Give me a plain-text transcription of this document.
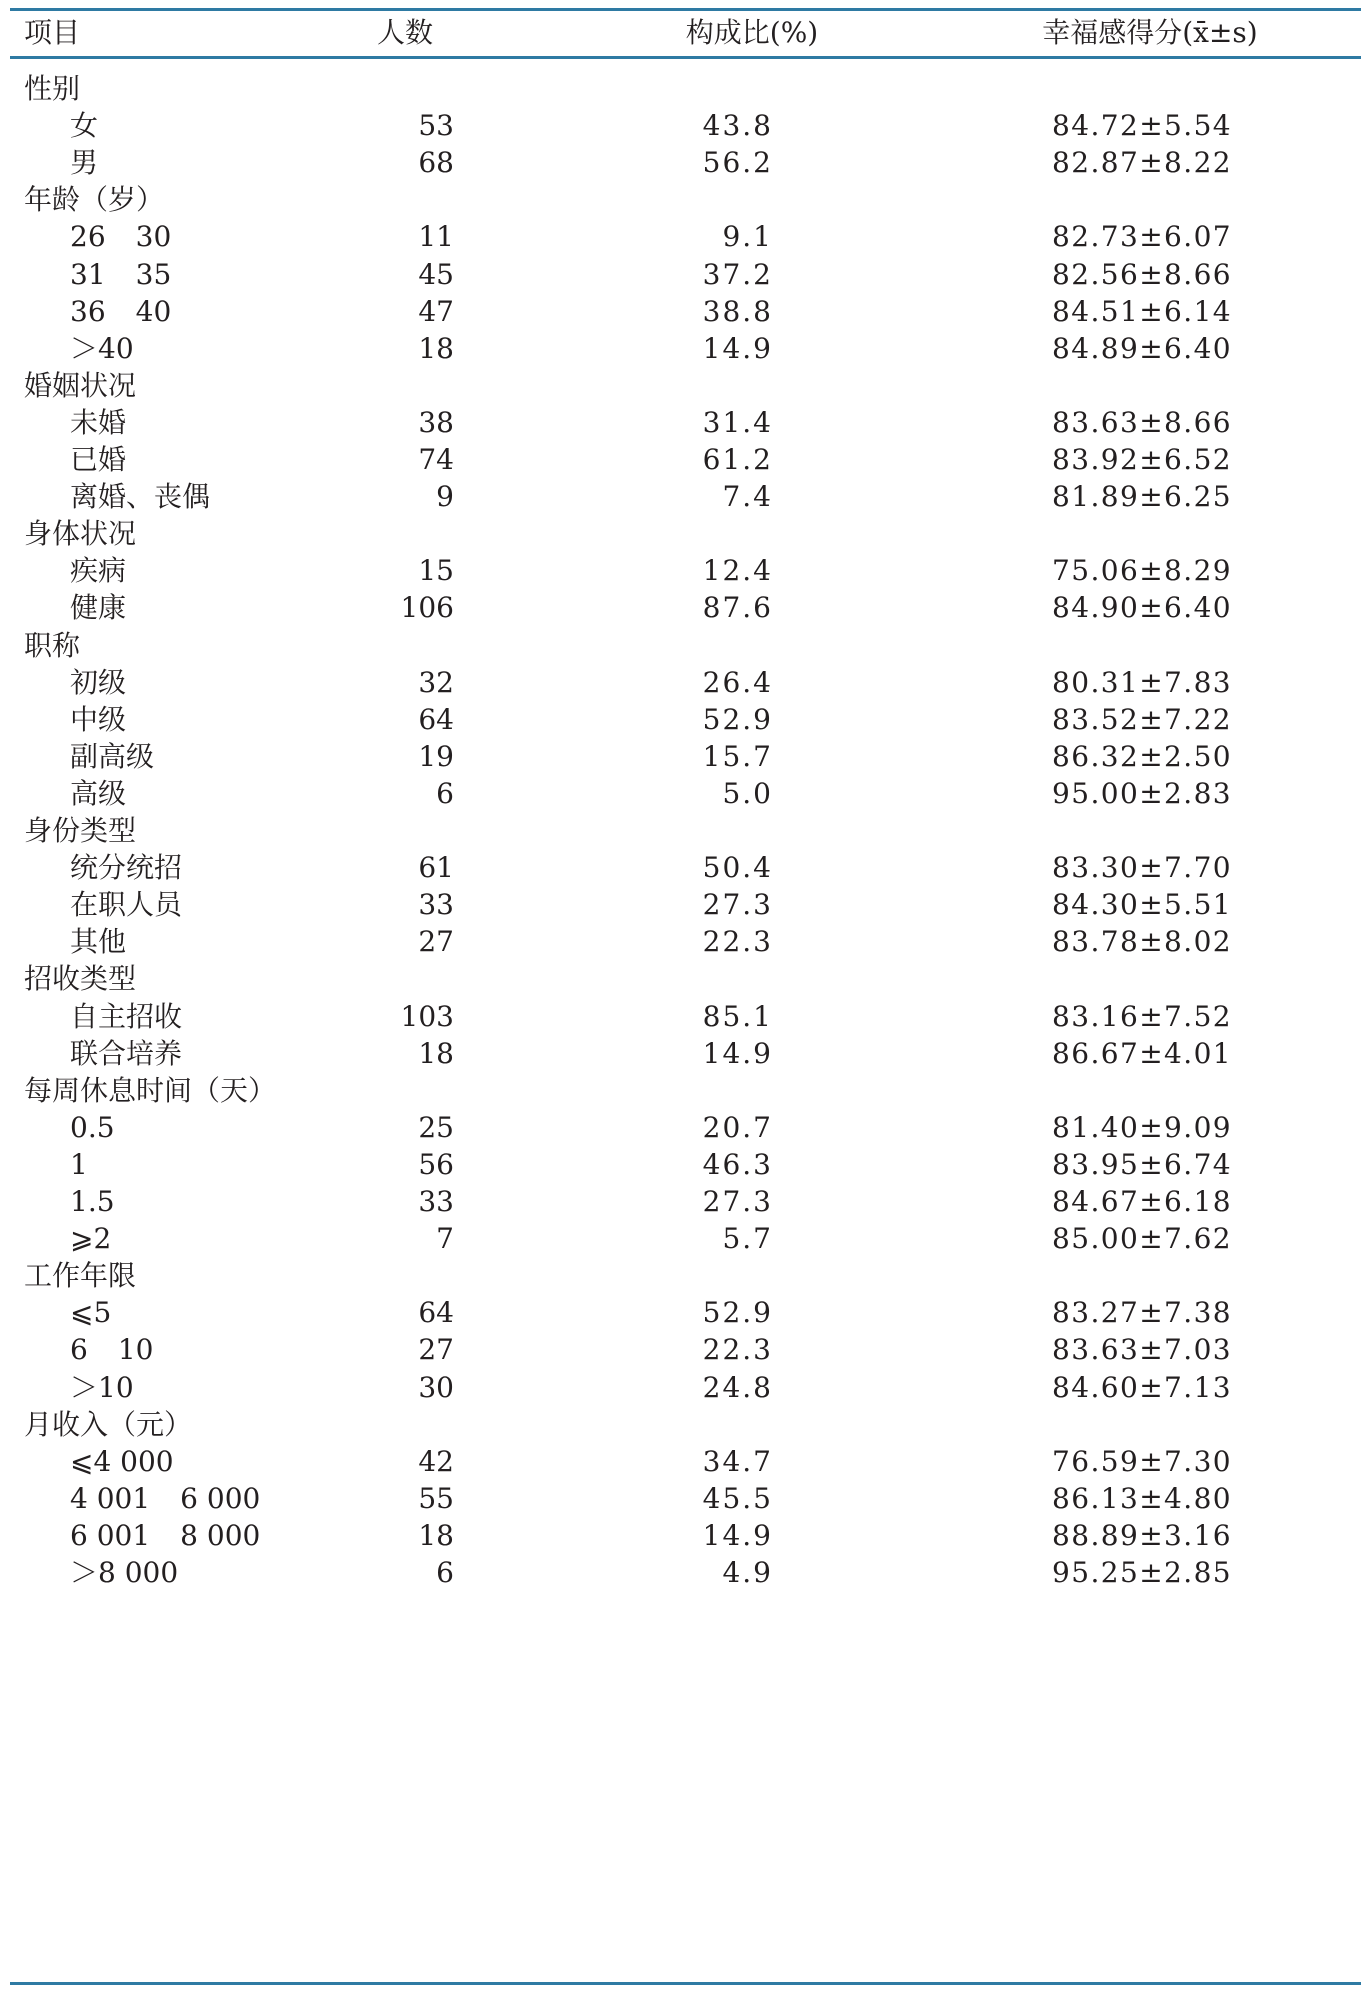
项目	人数	构成比(%)	幸福感得分(x̄±s)
性别
女	53	43.8	84.72±5.54
男	68	56.2	82.87±8.22
年龄（岁）
26 30	11	9.1	82.73±6.07
31 35	45	37.2	82.56±8.66
36 40	47	38.8	84.51±6.14
＞40	18	14.9	84.89±6.40
婚姻状况
未婚	38	31.4	83.63±8.66
已婚	74	61.2	83.92±6.52
离婚、丧偶	9	7.4	81.89±6.25
身体状况
疾病	15	12.4	75.06±8.29
健康	106	87.6	84.90±6.40
职称
初级	32	26.4	80.31±7.83
中级	64	52.9	83.52±7.22
副高级	19	15.7	86.32±2.50
高级	6	5.0	95.00±2.83
身份类型
统分统招	61	50.4	83.30±7.70
在职人员	33	27.3	84.30±5.51
其他	27	22.3	83.78±8.02
招收类型
自主招收	103	85.1	83.16±7.52
联合培养	18	14.9	86.67±4.01
每周休息时间（天）
0.5	25	20.7	81.40±9.09
1	56	46.3	83.95±6.74
1.5	33	27.3	84.67±6.18
⩾2	7	5.7	85.00±7.62
工作年限
⩽5	64	52.9	83.27±7.38
6 10	27	22.3	83.63±7.03
＞10	30	24.8	84.60±7.13
月收入（元）
⩽4 000	42	34.7	76.59±7.30
4 001 6 000	55	45.5	86.13±4.80
6 001 8 000	18	14.9	88.89±3.16
＞8 000	6	4.9	95.25±2.85
